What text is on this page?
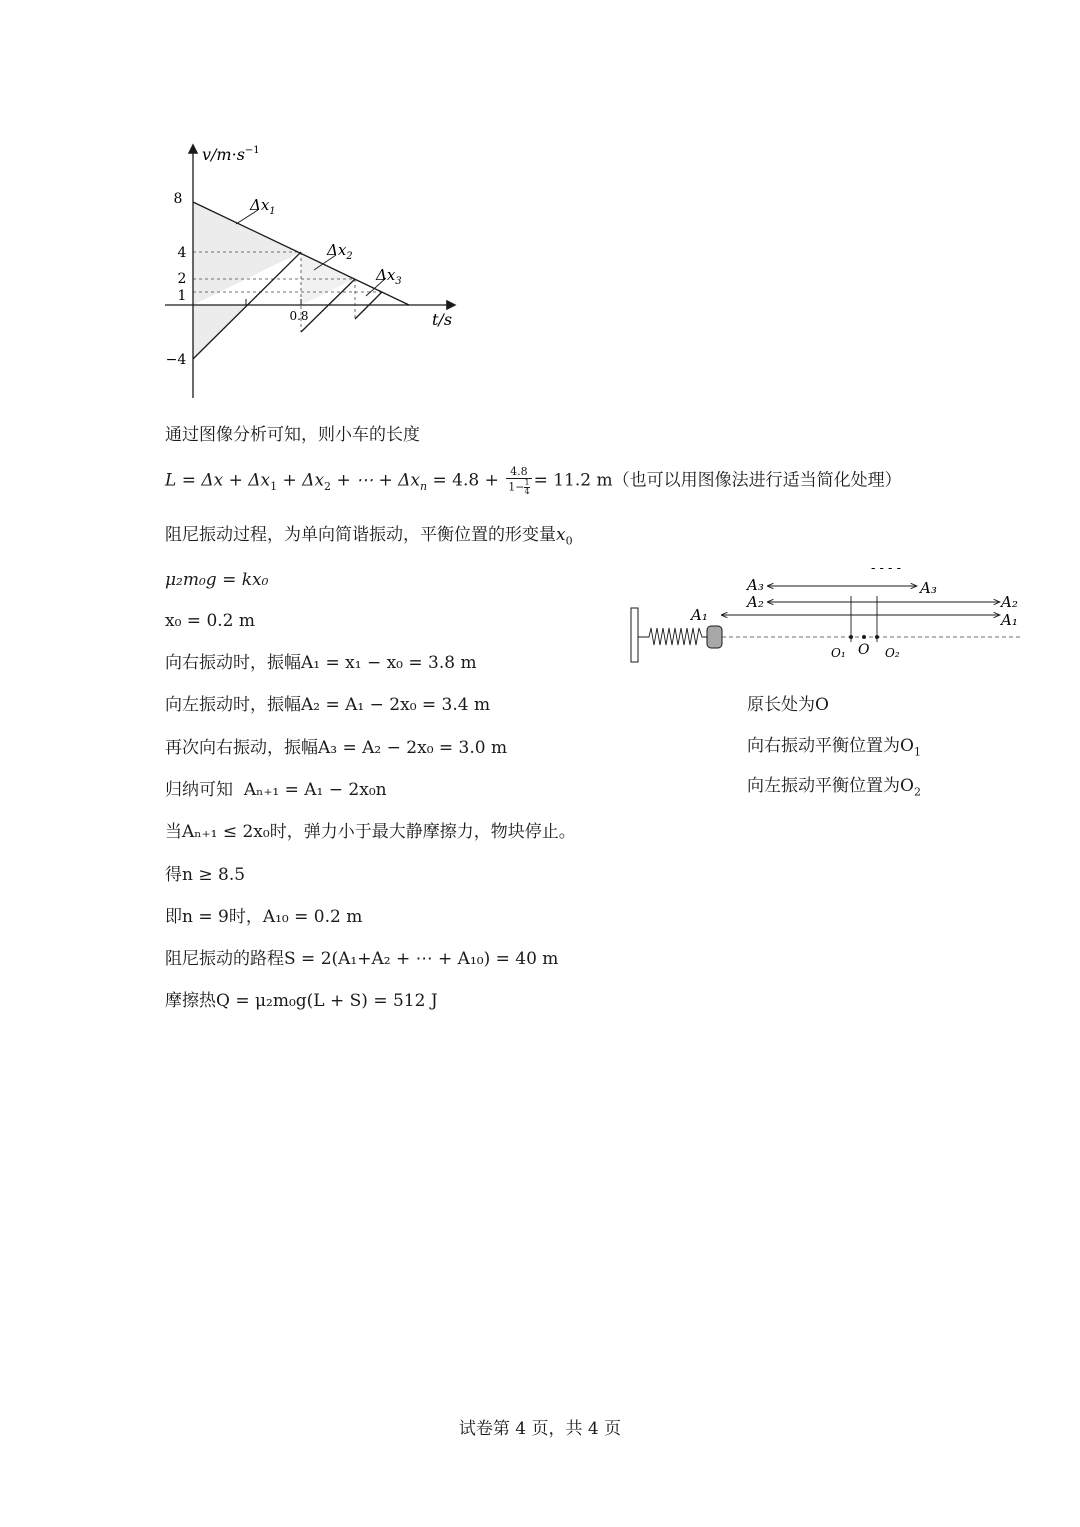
8
4
2
1
−4
0.8
$v/m\cdot s^{-1}$
t/s
$\Delta x_1$
$\Delta x_2$
$\Delta x_3$
通过图像分析可知，则小车的长度
$L = \Delta x + \Delta x_1 + \Delta x_2$ + ⋯ + $\Delta x_n = 4.8 + \frac{4.8}{1- \frac{1}{4}} = 11.2$ m（也可以用图像法进行适当简化处理）
阻尼振动过程，为单向简谐振动，平衡位置的形变量$x_0$
μ₂m₀g = kx₀
x₀ = 0.2 m
向右振动时，振幅A₁ = x₁ − x₀ = 3.8 m
向左振动时，振幅A₂ = A₁ − 2x₀ = 3.4 m
再次向右振动，振幅A₃ = A₂ − 2x₀ = 3.0 m
归纳可知 Aₙ₊₁ = A₁ − 2x₀n
当Aₙ₊₁ ≤ 2x₀时，弹力小于最大静摩擦力，物块停止。
得n ≥ 8.5
即n = 9时，A₁₀ = 0.2 m
阻尼振动的路程S = 2(A₁+A₂ + ⋯ + A₁₀) = 40 m
摩擦热Q = μ₂m₀g(L + S) = 512 J
- - - -
A₃	A₃
A₂	A₂
A₁	A₁
O₁ O O₂
原长处为O
向右振动平衡位置为$O_1$
向左振动平衡位置为$O_2$
试卷第 4 页，共 4 页
